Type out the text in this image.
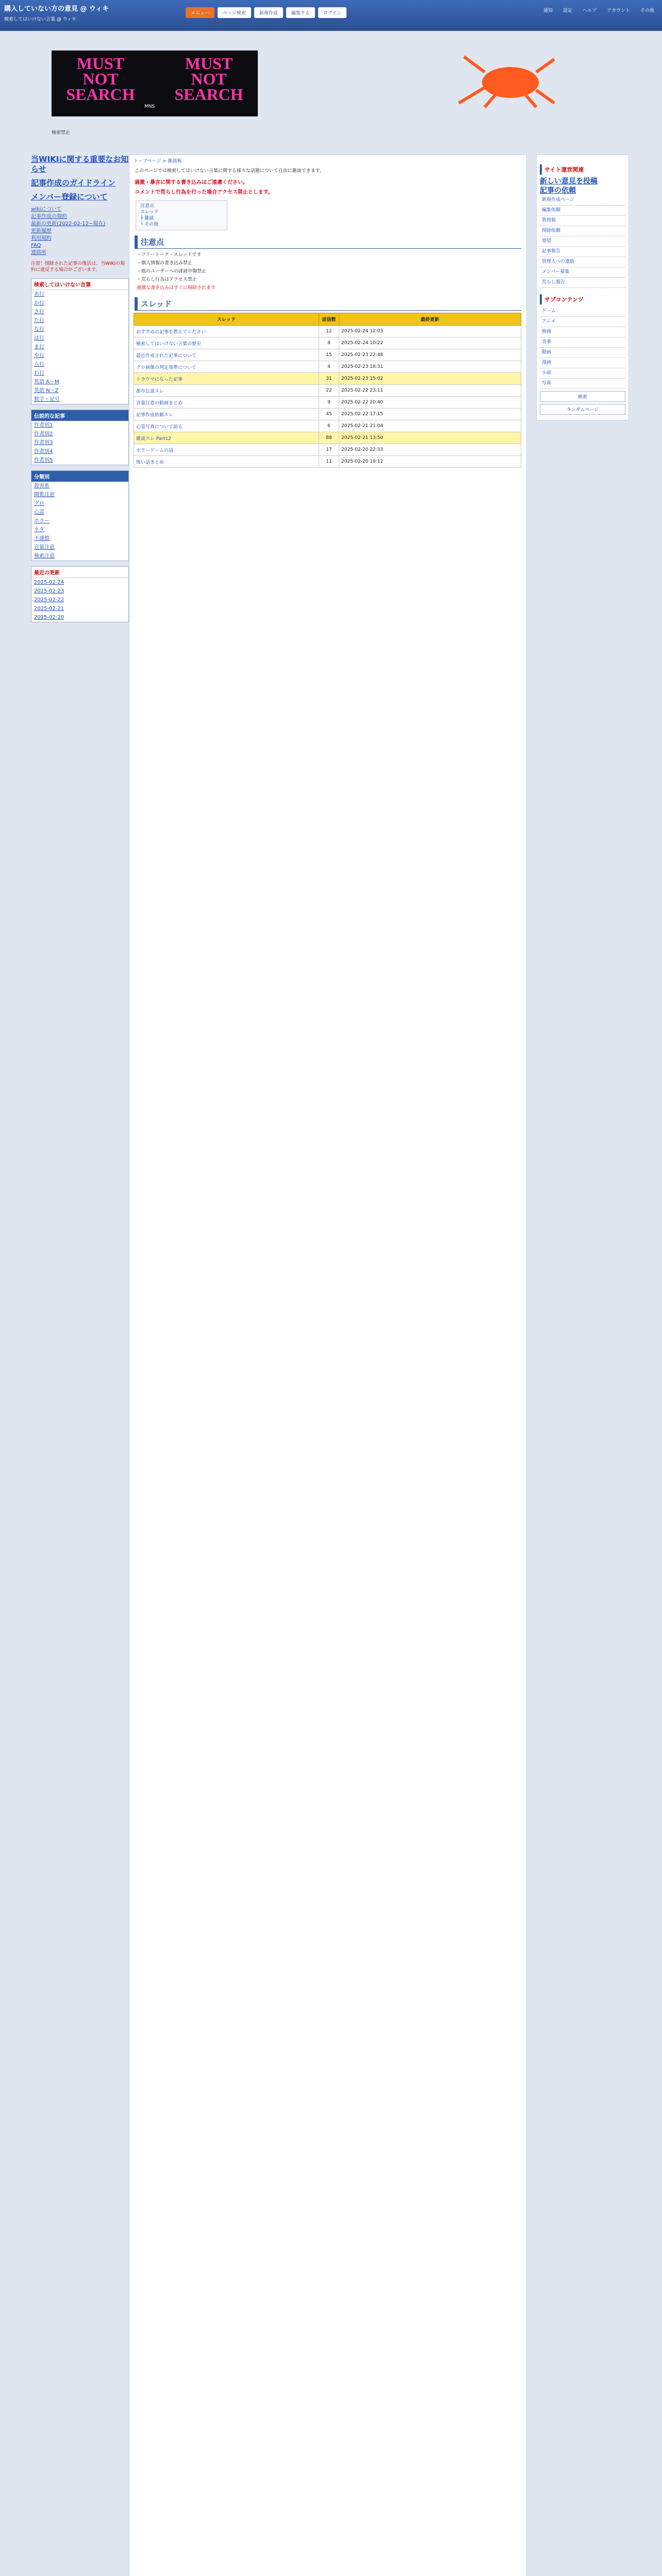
購入していない方の意見 @ ウィキ
検索してはいけない言葉 @ ウィキ
メニュー	ページ検索	新規作成	編集する	ログイン	通知	設定	ヘルプ	アカウント	その他
MUST NOT SEARCH
MUST NOT SEARCH
MNS
検索禁止
当WIKIに関する重要なお知らせ
記事作成のガイドライン
メンバー登録について
wikiについて
記事作成の規約
最新の更新(2022-02-12~現在)
更新履歴
利用規約
FAQ
連絡所
注意！削除された記事の復活は、当WIKIの規約に違反する場合がございます。
検索してはいけない言葉
あ行
か行
さ行
た行
な行
は行
ま行
や行
ら行
わ行
英語 A〜M
英語 N〜Z
数字・記号
伝説的な記事
作者別1
作者別2
作者別3
作者別4
作者別5
分類別
殺害系
閲覧注意
グロ
心霊
ホラー
ネタ
不謹慎
音量注意
検索注意
最近の更新
2025-02-24
2025-02-23
2025-02-22
2025-02-21
2025-02-20
トップページ > 雑談板
このページでは検索してはいけない言葉に関する様々な話題について自由に雑談できます。
過激・暴言に関する書き込みはご遠慮ください。
コメントで荒らし行為を行った場合アクセス禁止とします。
注意点
スレッド
├ 雑談
└ その他
注意点
・フリートーク・スレッドです
・個人情報の書き込み禁止
・他のユーザーへの誹謗中傷禁止
・荒らし行為はアクセス禁止
過激な書き込みはすぐに削除されます
スレッド
スレッド	返信数	最終更新
おすすめの記事を教えてください	12	2025-02-24 12:03
検索してはいけない言葉の歴史	8	2025-02-24 10:22
最近作成された記事について	15	2025-02-23 22:48
グロ画像の判定基準について	4	2025-02-23 18:31
トラウマになった記事	31	2025-02-23 15:02
都市伝説スレ	22	2025-02-22 23:11
音量注意の動画まとめ	9	2025-02-22 20:40
記事作成依頼スレ	45	2025-02-22 17:15
心霊写真について語る	6	2025-02-21 21:04
雑談スレ Part12	88	2025-02-21 13:50
ホラーゲームの話	17	2025-02-20 22:33
怖い話まとめ	11	2025-02-20 19:12
サイト運営関連
新しい意見を投稿
記事の依頼
新規作成ページ
編集依頼
質問箱
削除依頼
要望
記事報告
管理人への連絡
メンバー募集
荒らし報告
サブコンテンツ
ゲーム
アニメ
映画
音楽
動画
漫画
小説
写真
検索
ランダムページ
